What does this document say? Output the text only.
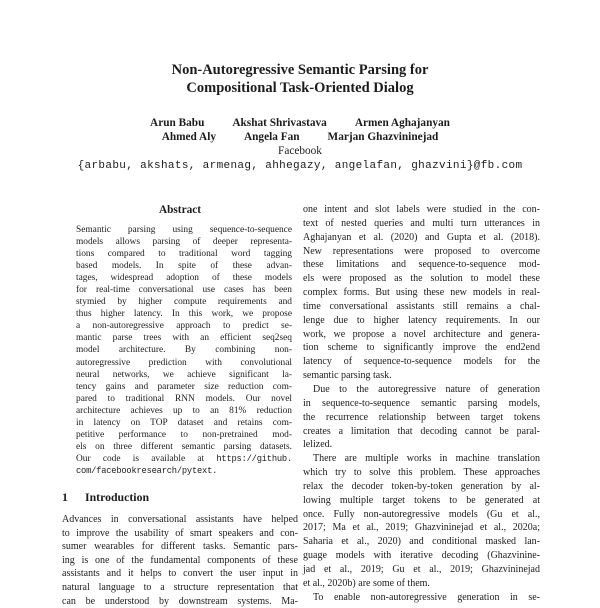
Non-Autoregressive Semantic Parsing for
Compositional Task-Oriented Dialog
Arun Babu Akshat Shrivastava Armen Aghajanyan
Ahmed Aly Angela Fan Marjan Ghazvininejad
Facebook
{arbabu, akshats, armenag, ahhegazy, angelafan, ghazvini}@fb.com
Abstract
Semantic parsing using sequence-to-sequence
models allows parsing of deeper representa-
tions compared to traditional word tagging
based models. In spite of these advan-
tages, widespread adoption of these models
for real-time conversational use cases has been
stymied by higher compute requirements and
thus higher latency. In this work, we propose
a non-autoregressive approach to predict se-
mantic parse trees with an efficient seq2seq
model architecture. By combining non-
autoregressive prediction with convolutional
neural networks, we achieve significant la-
tency gains and parameter size reduction com-
pared to traditional RNN models. Our novel
architecture achieves up to an 81% reduction
in latency on TOP dataset and retains com-
petitive performance to non-pretrained mod-
els on three different semantic parsing datasets.
Our code is available at https://github.
com/facebookresearch/pytext.
1 Introduction
Advances in conversational assistants have helped
to improve the usability of smart speakers and con-
sumer wearables for different tasks. Semantic pars-
ing is one of the fundamental components of these
assistants and it helps to convert the user input in
natural language to a structure representation that
can be understood by downstream systems. Ma-
one intent and slot labels were studied in the con-
text of nested queries and multi turn utterances in
Aghajanyan et al. (2020) and Gupta et al. (2018).
New representations were proposed to overcome
these limitations and sequence-to-sequence mod-
els were proposed as the solution to model these
complex forms. But using these new models in real-
time conversational assistants still remains a chal-
lenge due to higher latency requirements. In our
work, we propose a novel architecture and genera-
tion scheme to significantly improve the end2end
latency of sequence-to-sequence models for the
semantic parsing task.
Due to the autoregressive nature of generation
in sequence-to-sequence semantic parsing models,
the recurrence relationship between target tokens
creates a limitation that decoding cannot be paral-
lelized.
There are multiple works in machine translation
which try to solve this problem. These approaches
relax the decoder token-by-token generation by al-
lowing multiple target tokens to be generated at
once. Fully non-autoregressive models (Gu et al.,
2017; Ma et al., 2019; Ghazvininejad et al., 2020a;
Saharia et al., 2020) and conditional masked lan-
guage models with iterative decoding (Ghazvinine-
jad et al., 2019; Gu et al., 2019; Ghazvininejad
et al., 2020b) are some of them.
To enable non-autoregressive generation in se-
